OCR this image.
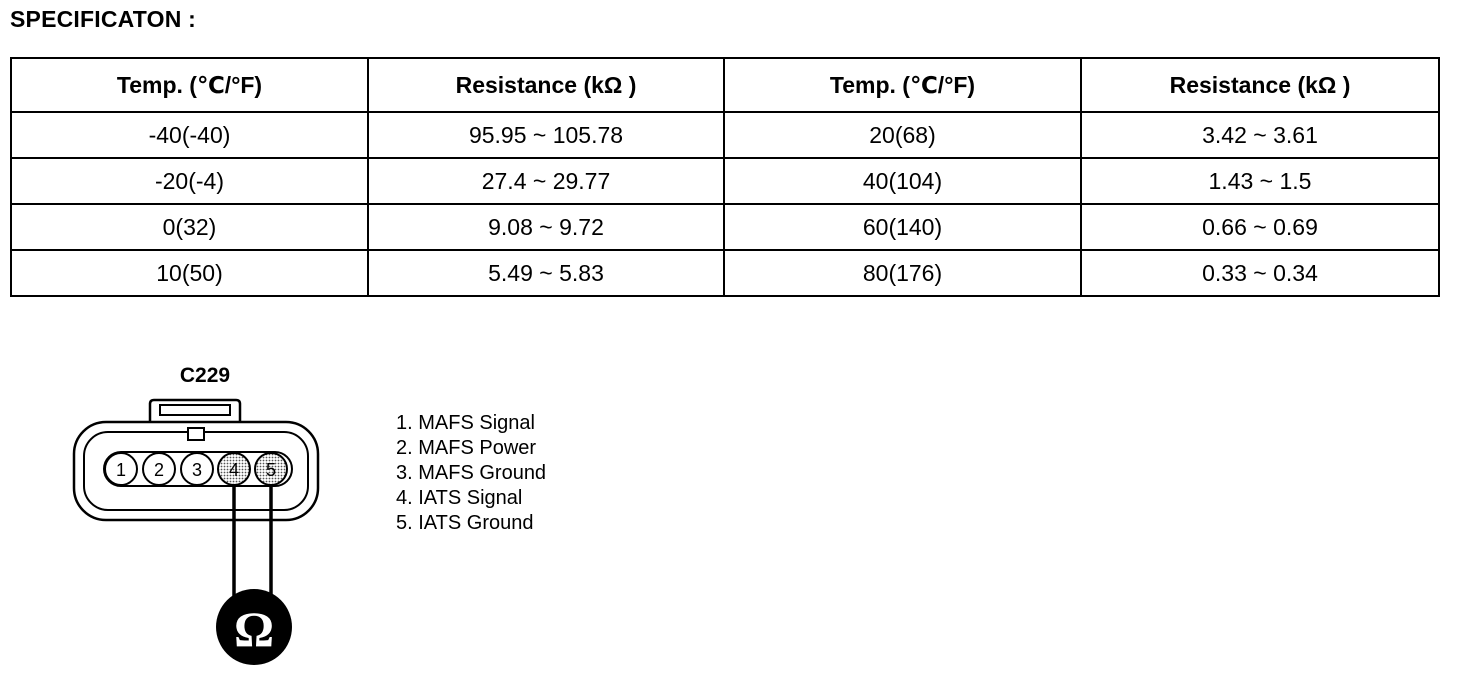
SPECIFICATON :
Temp. (℃/°F)	Resistance (kΩ )	Temp. (℃/°F)	Resistance (kΩ )
-40(-40)	95.95 ~ 105.78	20(68)	3.42 ~ 3.61
-20(-4)	27.4 ~ 29.77	40(104)	1.43 ~ 1.5
0(32)	9.08 ~ 9.72	60(140)	0.66 ~ 0.69
10(50)	5.49 ~ 5.83	80(176)	0.33 ~ 0.34
C229
1 2 3 4 5
Ω
1. MAFS Signal
2. MAFS Power
3. MAFS Ground
4. IATS Signal
5. IATS Ground
